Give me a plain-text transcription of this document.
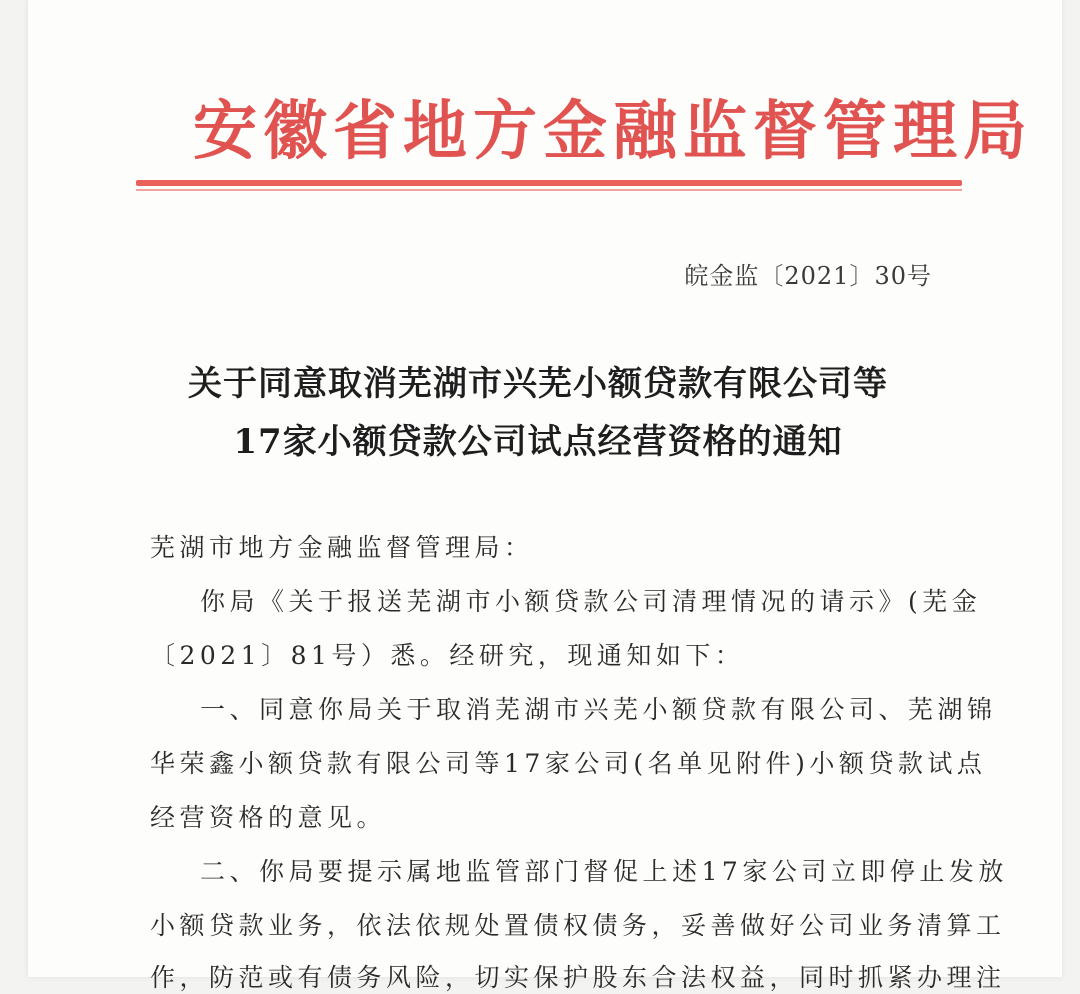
安徽省地方金融监督管理局
皖金监〔2021〕30号
关于同意取消芜湖市兴芜小额贷款有限公司等
17家小额贷款公司试点经营资格的通知
芜湖市地方金融监督管理局：
你局《关于报送芜湖市小额贷款公司清理情况的请示》(芜金
〔2021〕81号）悉。经研究，现通知如下：
一、同意你局关于取消芜湖市兴芜小额贷款有限公司、芜湖锦
华荣鑫小额贷款有限公司等17家公司(名单见附件)小额贷款试点
经营资格的意见。
二、你局要提示属地监管部门督促上述17家公司立即停止发放
小额贷款业务，依法依规处置债权债务，妥善做好公司业务清算工
作，防范或有债务风险，切实保护股东合法权益，同时抓紧办理注
